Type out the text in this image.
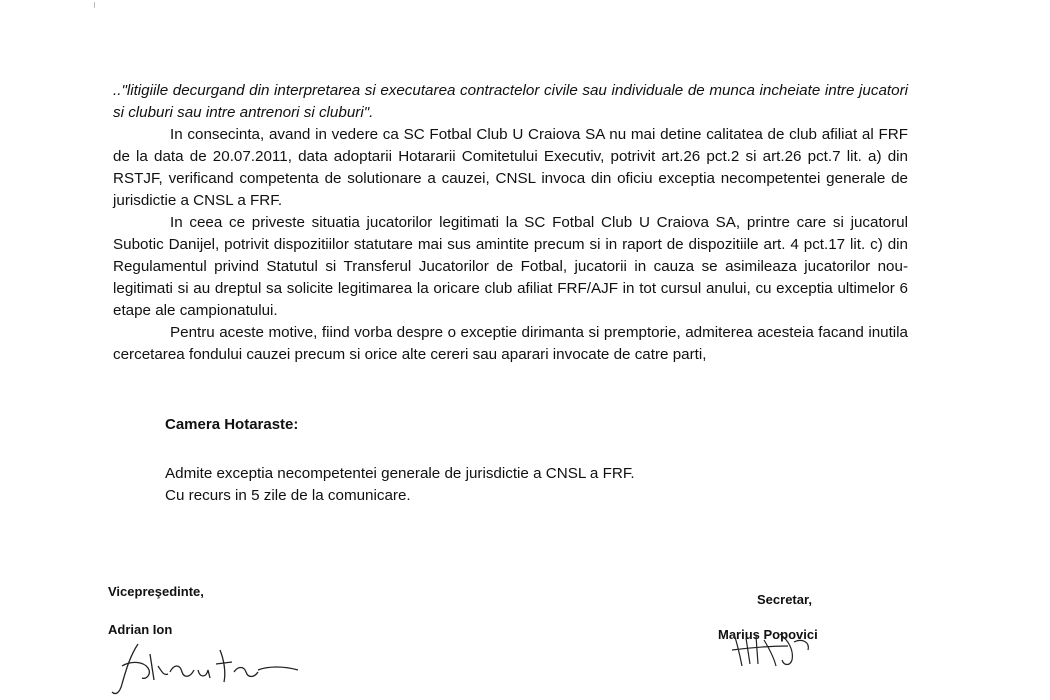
.."litigiile decurgand din interpretarea si executarea contractelor civile sau individuale de munca incheiate intre jucatori si cluburi sau intre antrenori si cluburi".

In consecinta, avand in vedere ca SC Fotbal Club U Craiova SA nu mai detine calitatea de club afiliat al FRF de la data de 20.07.2011, data adoptarii Hotararii Comitetului Executiv, potrivit art.26 pct.2 si art.26 pct.7 lit. a) din RSTJF, verificand competenta de solutionare a cauzei, CNSL invoca din oficiu exceptia necompetentei generale de jurisdictie a CNSL a FRF.

In ceea ce priveste situatia jucatorilor legitimati la SC Fotbal Club U Craiova SA, printre care si jucatorul Subotic Danijel, potrivit dispozitiilor statutare mai sus amintite precum si in raport de dispozitiile art. 4 pct.17 lit. c) din Regulamentul privind Statutul si Transferul Jucatorilor de Fotbal, jucatorii in cauza se asimileaza jucatorilor nou-legitimati si au dreptul sa solicite legitimarea la oricare club afiliat FRF/AJF in tot cursul anului, cu exceptia ultimelor 6 etape ale campionatului.

Pentru aceste motive, fiind vorba despre o exceptie dirimanta si premptorie, admiterea acesteia facand inutila cercetarea fondului cauzei precum si orice alte cereri sau aparari invocate de catre parti,

Camera Hotaraste:
Admite exceptia necompetentei generale de jurisdictie a CNSL a FRF.
Cu recurs in 5 zile de la comunicare.
Vicepreşedinte,
Adrian Ion
Secretar,
Marius Popovici
